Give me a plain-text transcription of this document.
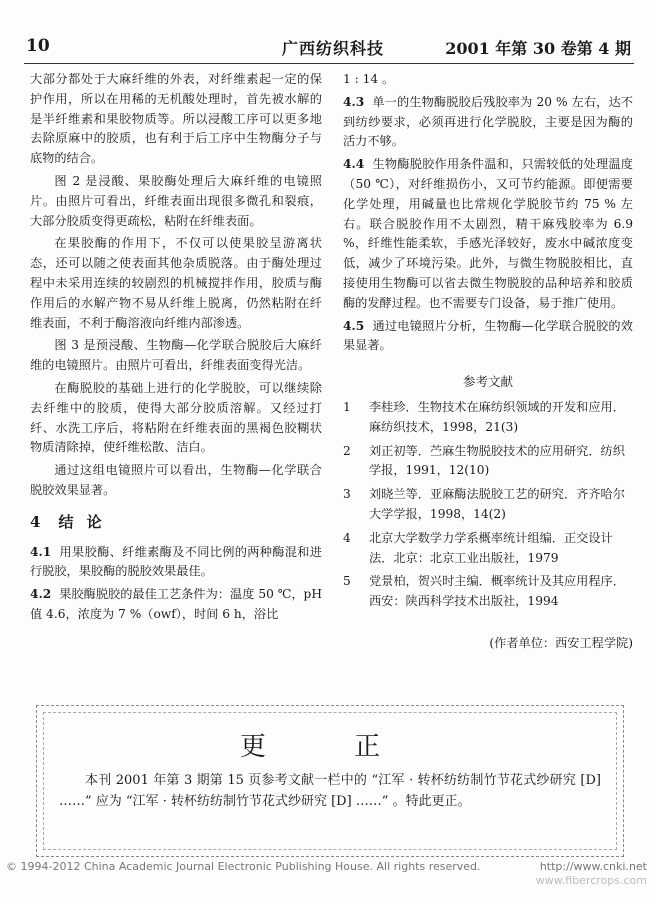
10	广西纺织科技	2001 年第 30 卷第 4 期

大部分都处于大麻纤维的外表，对纤维素起一定的保护作用，所以在用稀的无机酸处理时，首先被水解的是半纤维素和果胶物质等。所以浸酸工序可以更多地去除原麻中的胶质，也有利于后工序中生物酶分子与底物的结合。

图 2 是浸酸、果胶酶处理后大麻纤维的电镜照片。由照片可看出，纤维表面出现很多微孔和裂痕，大部分胶质变得更疏松，粘附在纤维表面。

在果胶酶的作用下，不仅可以使果胶呈游离状态，还可以随之使表面其他杂质脱落。由于酶处理过程中未采用连续的较剧烈的机械搅拌作用，胶质与酶作用后的水解产物不易从纤维上脱离，仍然粘附在纤维表面，不利于酶溶液向纤维内部渗透。

图 3 是预浸酸、生物酶—化学联合脱胶后大麻纤维的电镜照片。由照片可看出，纤维表面变得光洁。

在酶脱胶的基础上进行的化学脱胶，可以继续除去纤维中的胶质，使得大部分胶质溶解。又经过打纤、水洗工序后，将粘附在纤维表面的黑褐色胶糊状物质清除掉，使纤维松散、洁白。

通过这组电镜照片可以看出，生物酶—化学联合脱胶效果显著。

4 结 论

4.1 用果胶酶、纤维素酶及不同比例的两种酶混和进行脱胶，果胶酶的脱胶效果最佳。

4.2 果胶酶脱胶的最佳工艺条件为：温度 50 ℃，pH 值 4.6，浓度为 7 %（owf），时间 6 h，浴比

1 : 14 。

4.3 单一的生物酶脱胶后残胶率为 20 % 左右，达不到纺纱要求，必须再进行化学脱胶，主要是因为酶的活力不够。

4.4 生物酶脱胶作用条件温和，只需较低的处理温度（50 ℃），对纤维损伤小，又可节约能源。即便需要化学处理，用碱量也比常规化学脱胶节约 75 % 左右。联合脱胶作用不太剧烈，精干麻残胶率为 6.9 %，纤维性能柔软，手感光泽较好，废水中碱浓度变低，减少了环境污染。此外，与微生物脱胶相比，直接使用生物酶可以省去微生物脱胶的品种培养和胶质酶的发酵过程。也不需要专门设备，易于推广使用。

4.5 通过电镜照片分析，生物酶—化学联合脱胶的效果显著。

参考文献
1	李桂珍．生物技术在麻纺织领域的开发和应用．麻纺织技术，1998，21(3)
2	刘正初等．苎麻生物脱胶技术的应用研究．纺织学报，1991，12(10)
3	刘晓兰等．亚麻酶法脱胶工艺的研究．齐齐哈尔大学学报，1998，14(2)
4	北京大学数学力学系概率统计组编．正交设计法．北京：北京工业出版社，1979
5	党景柏，贺兴时主编．概率统计及其应用程序．西安：陕西科学技术出版社，1994
(作者单位：西安工程学院)
更 正
本刊 2001 年第 3 期第 15 页参考文献一栏中的 “江军 · 转杯纺纺制竹节花式纱研究 [D] ……” 应为 “江军 · 转杯纺纺制竹节花式纱研究 [D] ……” 。特此更正。
© 1994-2012 China Academic Journal Electronic Publishing House. All rights reserved.	http://www.cnki.net
www.fibercrops.com
